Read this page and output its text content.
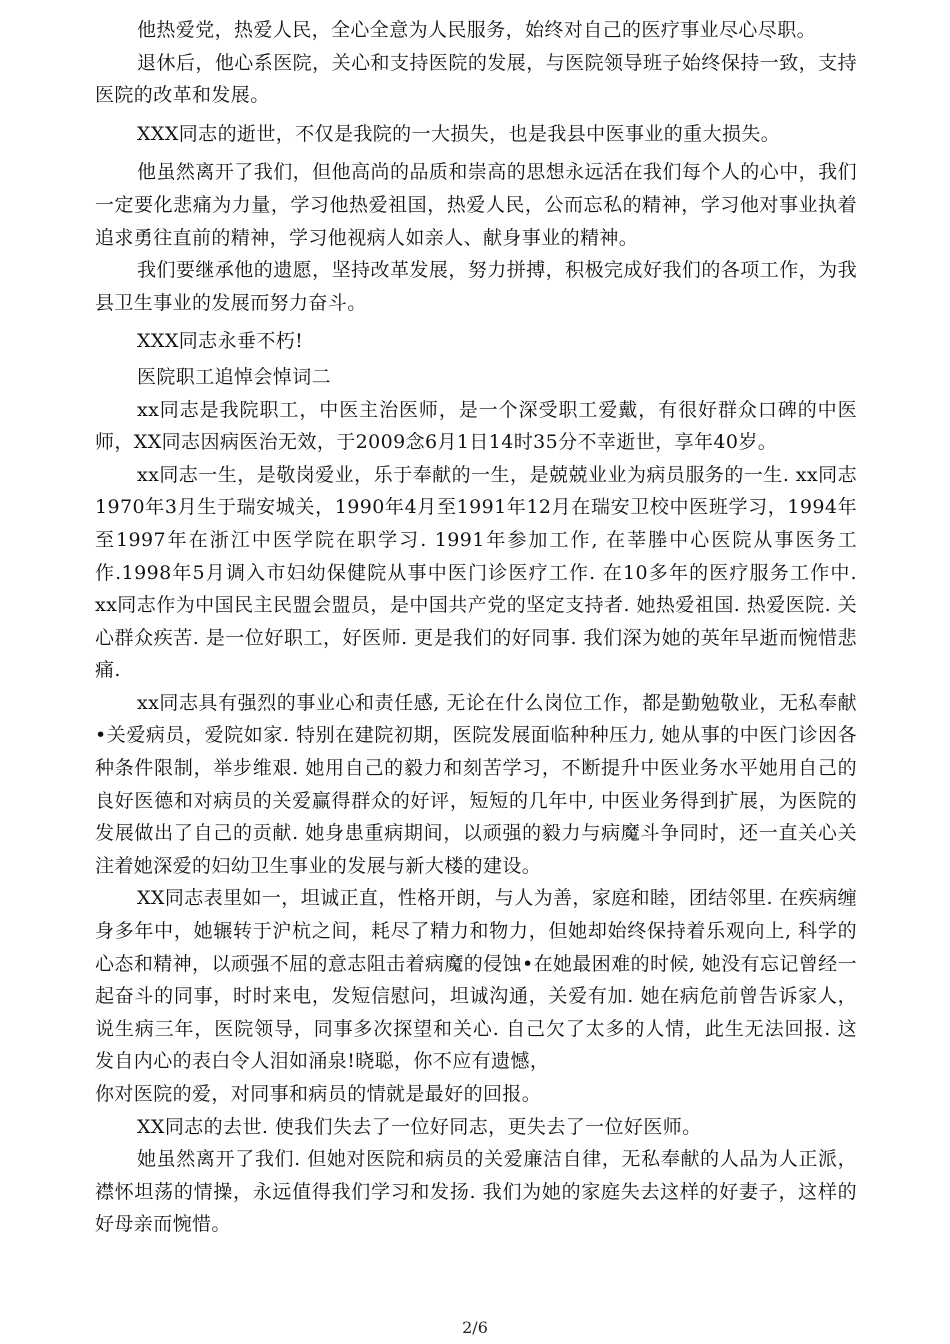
他热爱党，热爱人民，全心全意为人民服务，始终对自己的医疗事业尽心尽职。

退休后，他心系医院，关心和支持医院的发展，与医院领导班子始终保持一致，支持医院的改革和发展。

XXX同志的逝世，不仅是我院的一大损失，也是我县中医事业的重大损失。

他虽然离开了我们，但他高尚的品质和崇高的思想永远活在我们每个人的心中，我们一定要化悲痛为力量，学习他热爱祖国，热爱人民，公而忘私的精神，学习他对事业执着追求勇往直前的精神，学习他视病人如亲人、献身事业的精神。

我们要继承他的遗愿，坚持改革发展，努力拼搏，积极完成好我们的各项工作，为我县卫生事业的发展而努力奋斗。

XXX同志永垂不朽!

医院职工追悼会悼词二

xx同志是我院职工，中医主治医师，是一个深受职工爱戴，有很好群众口碑的中医师，XX同志因病医治无效，于2009念6月1日14时35分不幸逝世，享年40岁。

xx同志一生，是敬岗爱业，乐于奉献的一生，是兢兢业业为病员服务的一生. xx同志1970年3月生于瑞安城关，1990年4月至1991年12月在瑞安卫校中医班学习，1994年至1997年在浙江中医学院在职学习. 1991年参加工作, 在莘塍中心医院从事医务工作.1998年5月调入市妇幼保健院从事中医门诊医疗工作. 在10多年的医疗服务工作中. xx同志作为中国民主民盟会盟员，是中国共产党的坚定支持者. 她热爱祖国. 热爱医院. 关心群众疾苦. 是一位好职工，好医师. 更是我们的好同事. 我们深为她的英年早逝而惋惜悲痛.

xx同志具有强烈的事业心和责任感, 无论在什么岗位工作，都是勤勉敬业，无私奉献•关爱病员，爱院如家. 特别在建院初期，医院发展面临种种压力, 她从事的中医门诊因各种条件限制，举步维艰. 她用自己的毅力和刻苦学习，不断提升中医业务水平她用自己的良好医德和对病员的关爱赢得群众的好评，短短的几年中, 中医业务得到扩展，为医院的发展做出了自己的贡献. 她身患重病期间，以顽强的毅力与病魔斗争同时，还一直关心关注着她深爱的妇幼卫生事业的发展与新大楼的建设。

XX同志表里如一，坦诚正直，性格开朗，与人为善，家庭和睦，团结邻里. 在疾病缠身多年中，她辗转于沪杭之间，耗尽了精力和物力，但她却始终保持着乐观向上, 科学的心态和精神，以顽强不屈的意志阻击着病魔的侵蚀•在她最困难的时候, 她没有忘记曾经一起奋斗的同事，时时来电，发短信慰问，坦诚沟通，关爱有加. 她在病危前曾告诉家人，说生病三年，医院领导，同事多次探望和关心. 自己欠了太多的人情，此生无法回报. 这发自内心的表白令人泪如涌泉!晓聪，你不应有遗憾，

你对医院的爱，对同事和病员的情就是最好的回报。

XX同志的去世. 使我们失去了一位好同志，更失去了一位好医师。

她虽然离开了我们. 但她对医院和病员的关爱廉洁自律，无私奉献的人品为人正派，襟怀坦荡的情操，永远值得我们学习和发扬. 我们为她的家庭失去这样的好妻子，这样的好母亲而惋惜。

2/6
